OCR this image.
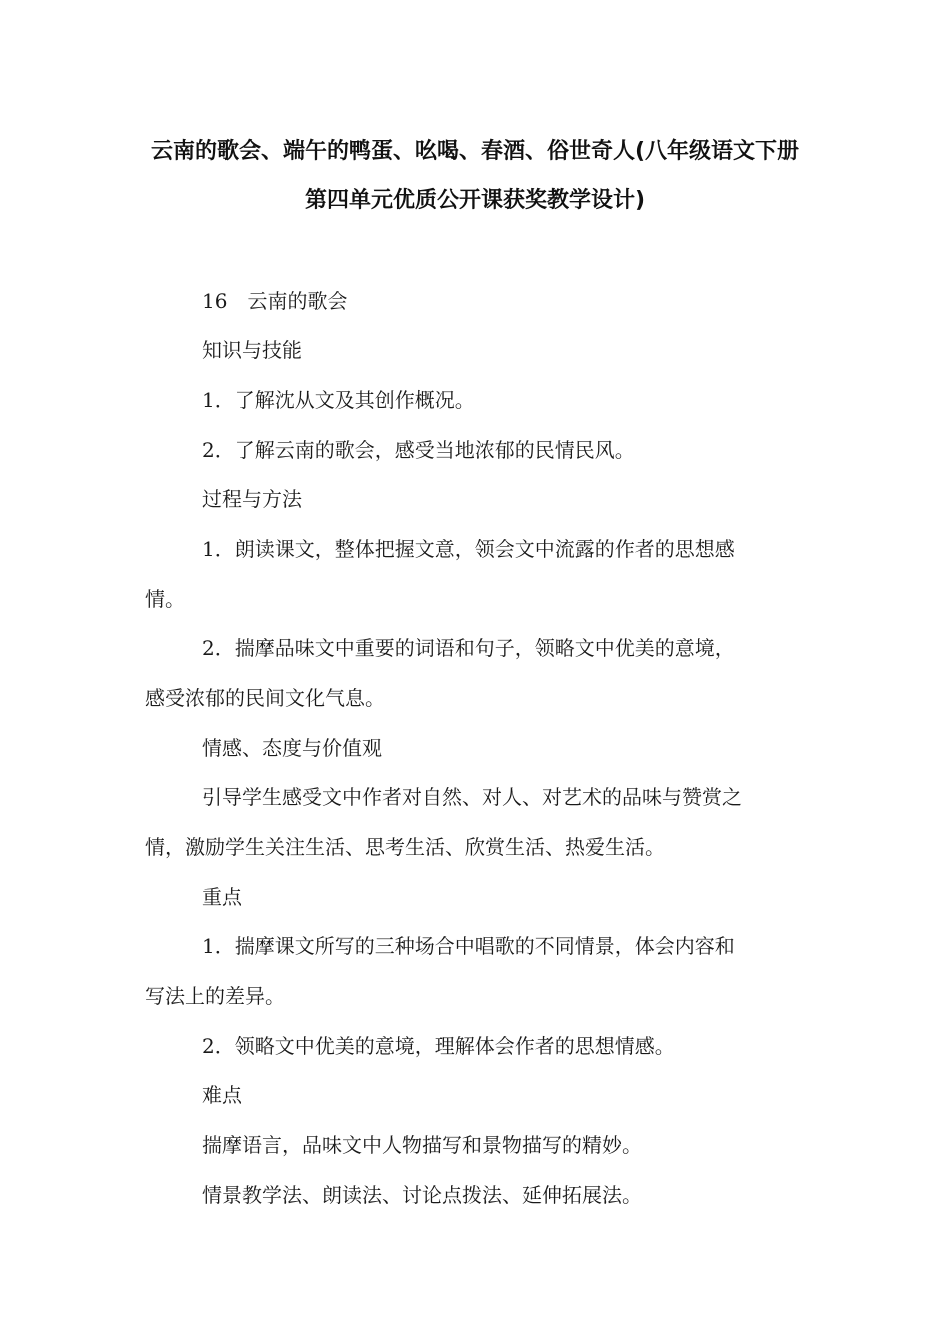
云南的歌会、端午的鸭蛋、吆喝、春酒、俗世奇人(八年级语文下册
第四单元优质公开课获奖教学设计)
16　云南的歌会
知识与技能
1．了解沈从文及其创作概况。
2．了解云南的歌会，感受当地浓郁的民情民风。
过程与方法
1．朗读课文，整体把握文意，领会文中流露的作者的思想感
情。
2．揣摩品味文中重要的词语和句子，领略文中优美的意境，
感受浓郁的民间文化气息。
情感、态度与价值观
引导学生感受文中作者对自然、对人、对艺术的品味与赞赏之
情，激励学生关注生活、思考生活、欣赏生活、热爱生活。
重点
1．揣摩课文所写的三种场合中唱歌的不同情景，体会内容和
写法上的差异。
2．领略文中优美的意境，理解体会作者的思想情感。
难点
揣摩语言，品味文中人物描写和景物描写的精妙。
情景教学法、朗读法、讨论点拨法、延伸拓展法。
